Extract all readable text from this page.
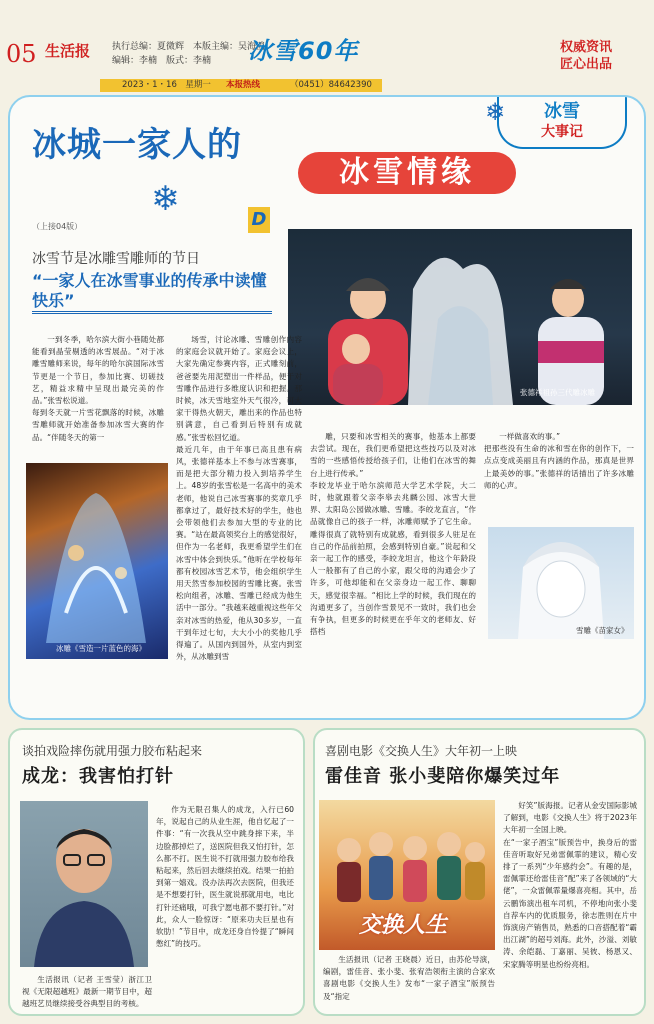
05 生活报 执行总编：夏微辉　本版主编：吴海鸥
编辑：李楠　版式：李楠	冰雪60年	权威资讯
匠心出品
2023・1・16　星期一 本报热线	（0451）84642390
冰城一家人的
冰雪情缘
冰雪
大事记
❄
❄
（上接04版）	D
冰雪节是冰雕雪雕师的节日
“一家人在冰雪事业的传承中读懂快乐”
张德祥祖孙三代雕冰雕

一到冬季，哈尔滨大街小巷随处都能看到晶莹剔透的冰雪展品。“对于冰雕雪雕师来说，每年的哈尔滨国际冰雪节更是一个节日，参加比赛、切磋技艺，精益求精中呈现出最完美的作品。”张雪松说道。
每到冬天就一片雪花飘落的时候，冰雕雪雕师就开始准备参加冰雪大赛的作品。“伴随冬天的第一

冰雕《雪造一片蓝色的海》

场雪，讨论冰雕、雪雕创作内容的家庭会议就开始了。家庭会议上，大家先确定参赛内容，正式雕刻前，爸爸要先用泥塑出一件样品，便于对雪雕作品进行多维度认识和把握。那时候，冰天雪地室外天气很冷，可大家干得热火朝天，雕出来的作品也特别满意，自己看到后特别有成就感。”张雪松回忆道。
最近几年，由于年事已高且患有病风，张德祥基本上不参与冰雪赛事，而是把大部分精力投入到培养学生上。48岁的张雪松是一名高中的美术老师，他说自己冰雪赛事的奖章几乎都拿过了，最好技术好的学生，他也会带领他们去参加大型的专业的比赛。“站在最高领奖台上的感觉很好，但作为一名老师，我更希望学生们在冰雪中体会到快乐。”他听在学校每年都有校园冰雪艺术节，他会组织学生用天然雪参加校园的雪雕比赛。张雪松向组者，冰雕、雪雕已经成为他生活中一部分。“我越来越重视这些年父亲对冰雪的热爱，他从30多岁，一直干到年过七旬，大大小小的奖他几乎得遍了。从国内到国外，从室内到室外，从冰雕到雪

雕，只要和冰雪相关的赛事，他基本上都要去尝试。现在，我们更希望把这些技巧以及对冰雪的一些感悟传授给孩子们，让他们在冰雪的舞台上进行传承。”
李皎龙毕业于哈尔滨师范大学艺术学院，大二时，他就跟着父亲李皋去兆麟公园、冰雪大世界、太阳岛公园做冰雕、雪雕。李皎龙直言，“作品就像自己的孩子一样，冰雕师赋予了它生命。雕得很真了就特别有成就感，看到很多人驻足在自己的作品前拍照，会感到特别自豪。”说起和父亲一起工作的感受，李皎龙坦言，他这个年龄段人一般都有了自己的小家，跟父母的沟通会少了许多，可他却能和在父亲身边一起工作、聊聊天，感觉很幸福。“相比上学的时候，我们现在的沟通更多了，当创作雪景见不一致时，我们也会有争执，但更多的时候更在乎年文的老师友、好搭档

一样做喜欢的事。”
把那些没有生命的冰和雪在你的创作下，一点点变成美丽且有内涵的作品，那真是世界上最美妙的事。”张德祥的话描出了许多冰雕师的心声。

雪雕《苗家女》
谈拍戏险摔伤就用强力胶布粘起来
成龙：我害怕打针

作为无限召集人的成龙，入行已60年，说起自己的从业生涯，他自忆起了一件事：“有一次我从空中跳身摔下来，半边脸都掉烂了，送医院但我又怕打针，怎么都不打。医生说不打就用强力胶布给我粘起来，然后回去继续拍戏。结果一拍拍到第一嬉戏。没办法再次去医院，但我还是不想要打针，医生就说那就用电，电比打针还痛哦，可我宁愿电都不要打针。”对此，众人一脸惊讶：“原来功夫巨星也有软肋！”节目中，成龙还身自怜提了“瞬间憋红”的技巧。

生活报讯（记者 王雪莹）浙江卫视《无限超越班》最新一期节目中，超越班艺员继续接受谷典型目的考核。

喜剧电影《交换人生》大年初一上映
雷佳音 张小斐陪你爆笑过年
交换人生

生活报讯（记者 王晓晨）近日，由苏伦导演，编剧，雷佳音、张小斐、张宥浩领衔主演的合家欢喜剧电影《交换人生》发布“一家子酒宝”版预告及“指定

好笑”版海报。记者从金安国际影城了解到，电影《交换人生》将于2023年大年初一全国上映。
在“一家子酒宝”版预告中，换身后的雷佳音听取好兄弟雷佩霏的建议，精心安排了一系列“少年感约会”。有趣的是，雷佩霏还给雷佳音“配”来了各领域的“大佬”，一众雷佩霏量爆喜亮相。其中，岳云鹏饰演出租车司机，不停地向张小斐自荐车内的优质服务，徐志胜则在片中饰演房产销售员，熟悉的口音搭配着“霸出江湖”的超号刘海。此外，沙溢、刘敏涛、余皑磊、丁嘉丽、吴彼、杨恩又、宋家腾等明星也纷纷亮相。
